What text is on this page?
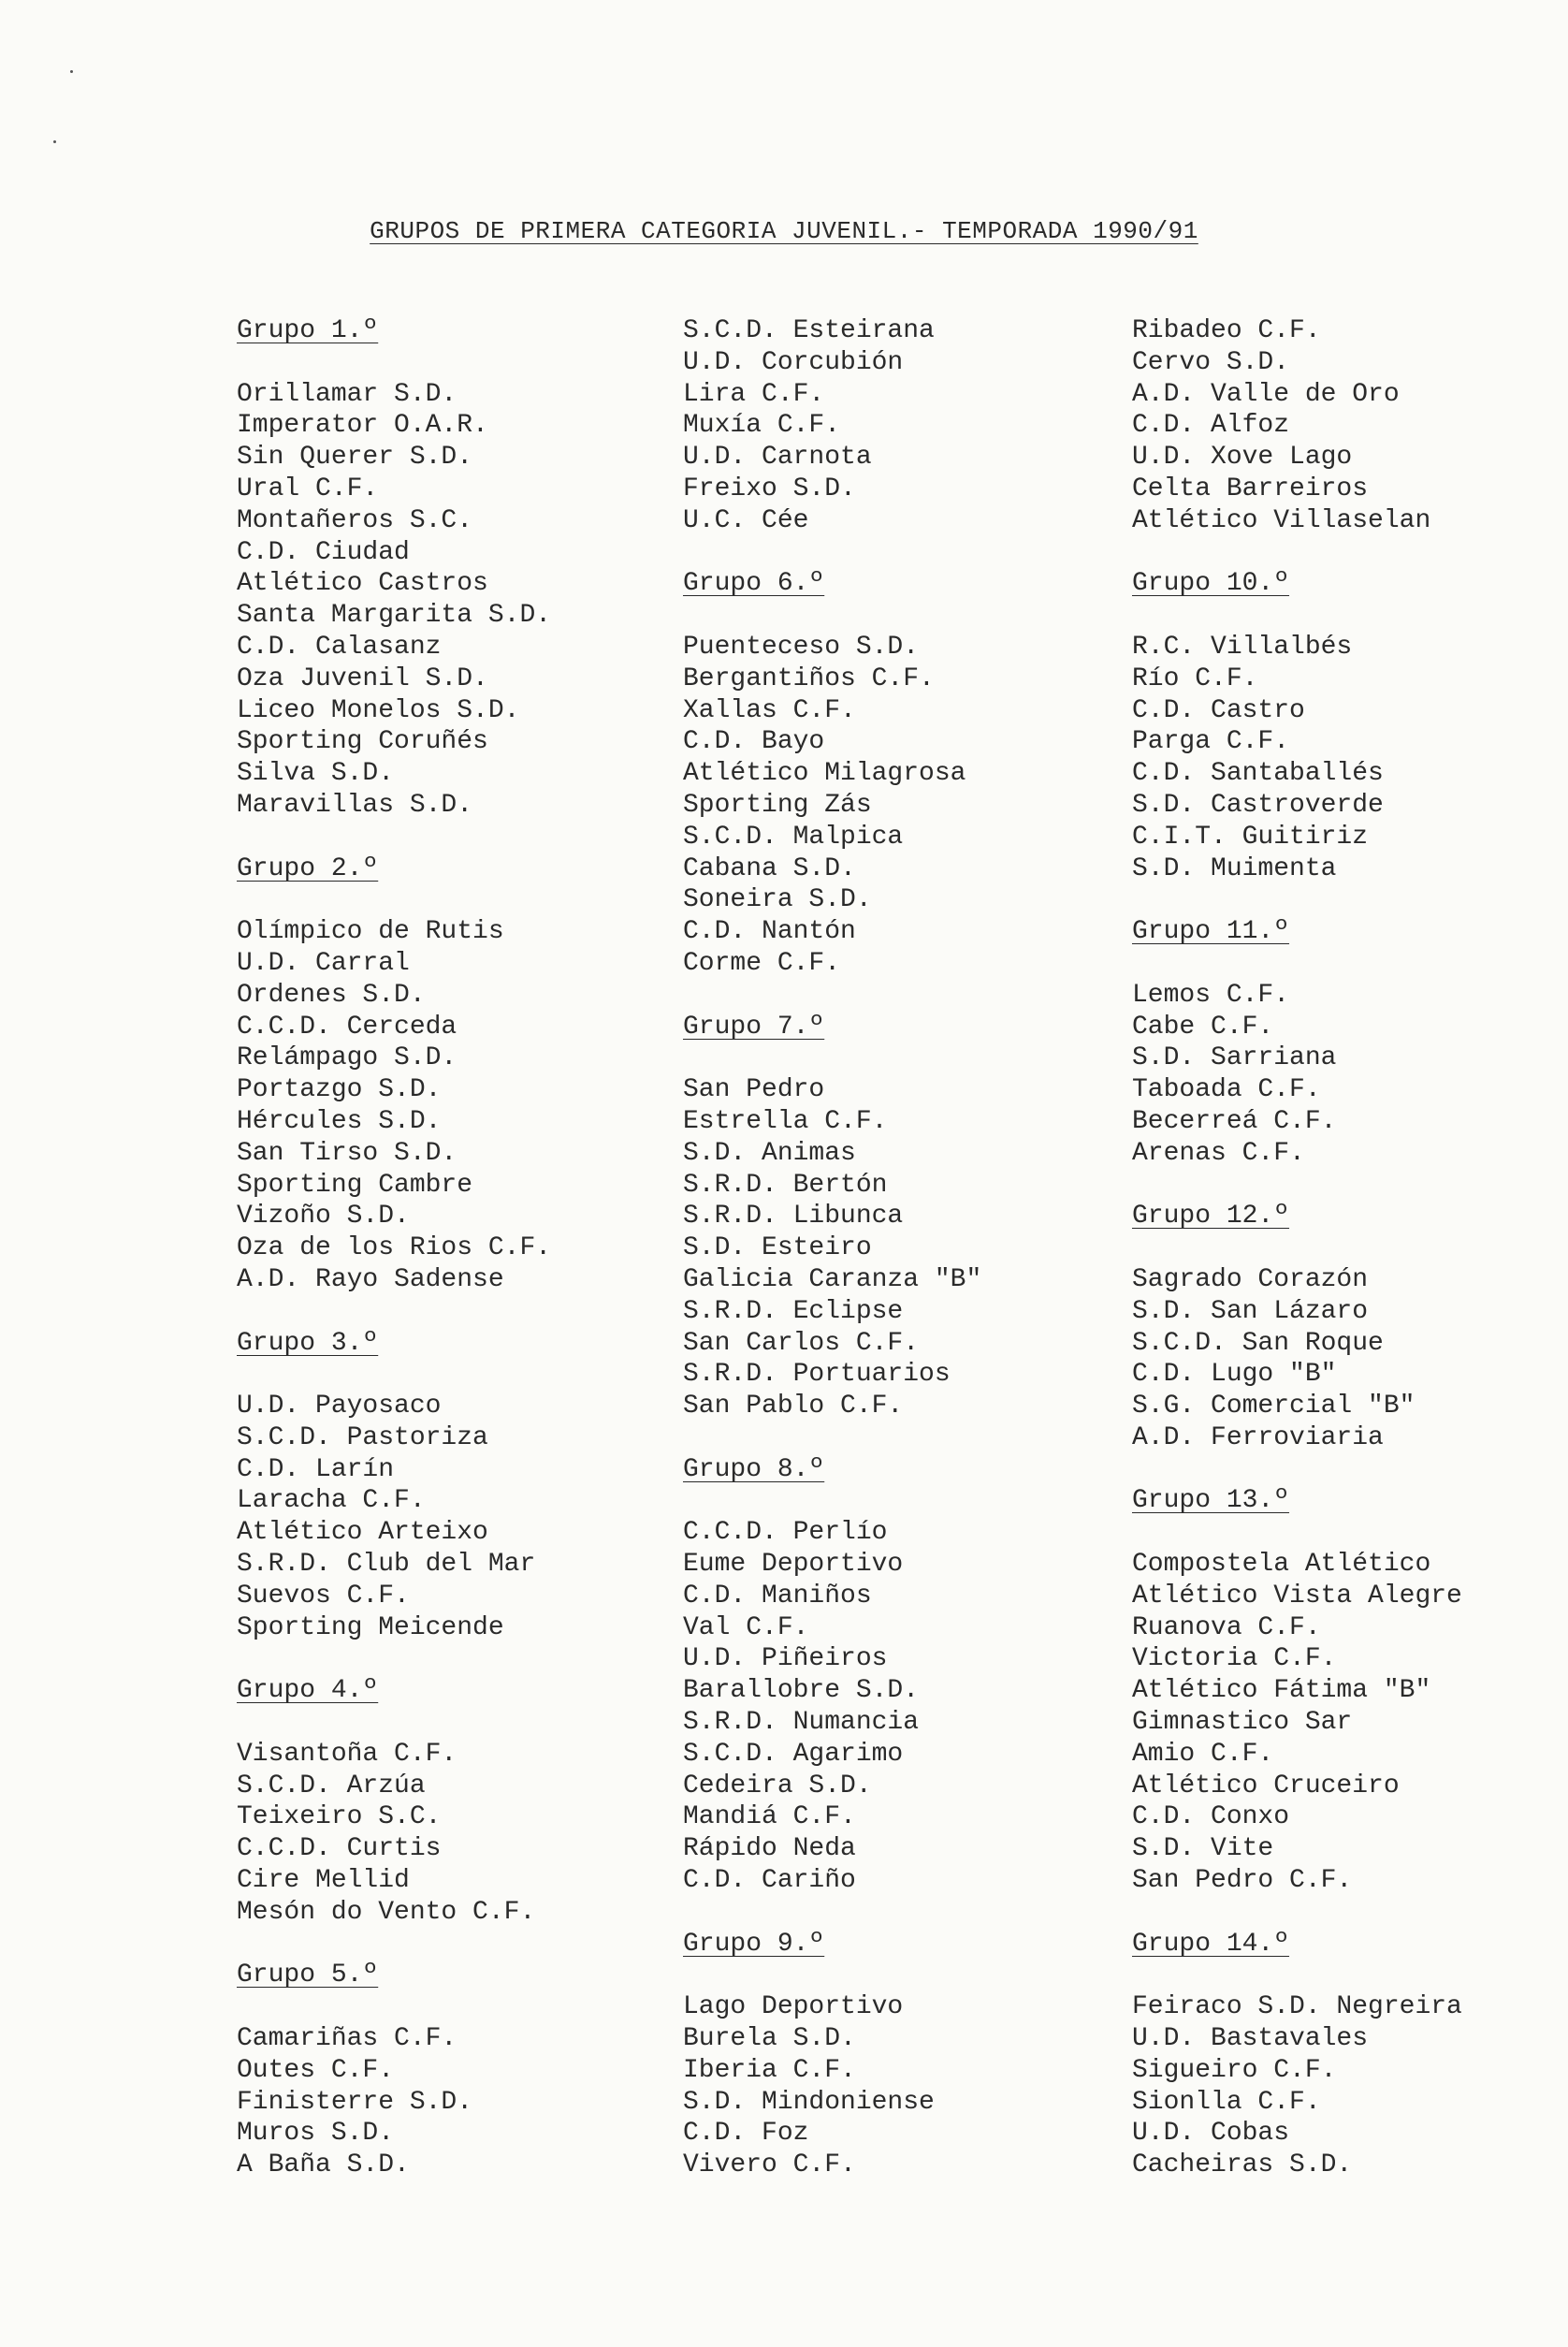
GRUPOS DE PRIMERA CATEGORIA JUVENIL.- TEMPORADA 1990/91
Grupo 1.º
Orillamar S.D.
Imperator O.A.R.
Sin Querer S.D.
Ural C.F.
Montañeros S.C.
C.D. Ciudad
Atlético Castros
Santa Margarita S.D.
C.D. Calasanz
Oza Juvenil S.D.
Liceo Monelos S.D.
Sporting Coruñés
Silva S.D.
Maravillas S.D.
Grupo 2.º
Olímpico de Rutis
U.D. Carral
Ordenes S.D.
C.C.D. Cerceda
Relámpago S.D.
Portazgo S.D.
Hércules S.D.
San Tirso S.D.
Sporting Cambre
Vizoño S.D.
Oza de los Rios C.F.
A.D. Rayo Sadense
Grupo 3.º
U.D. Payosaco
S.C.D. Pastoriza
C.D. Larín
Laracha C.F.
Atlético Arteixo
S.R.D. Club del Mar
Suevos C.F.
Sporting Meicende
Grupo 4.º
Visantoña C.F.
S.C.D. Arzúa
Teixeiro S.C.
C.C.D. Curtis
Cire Mellid
Mesón do Vento C.F.
Grupo 5.º
Camariñas C.F.
Outes C.F.
Finisterre S.D.
Muros S.D.
A Baña S.D.
S.C.D. Esteirana
U.D. Corcubión
Lira C.F.
Muxía C.F.
U.D. Carnota
Freixo S.D.
U.C. Cée
Grupo 6.º
Puenteceso S.D.
Bergantiños C.F.
Xallas C.F.
C.D. Bayo
Atlético Milagrosa
Sporting Zás
S.C.D. Malpica
Cabana S.D.
Soneira S.D.
C.D. Nantón
Corme C.F.
Grupo 7.º
San Pedro
Estrella C.F.
S.D. Animas
S.R.D. Bertón
S.R.D. Libunca
S.D. Esteiro
Galicia Caranza "B"
S.R.D. Eclipse
San Carlos C.F.
S.R.D. Portuarios
San Pablo C.F.
Grupo 8.º
C.C.D. Perlío
Eume Deportivo
C.D. Maniños
Val C.F.
U.D. Piñeiros
Barallobre S.D.
S.R.D. Numancia
S.C.D. Agarimo
Cedeira S.D.
Mandiá C.F.
Rápido Neda
C.D. Cariño
Grupo 9.º
Lago Deportivo
Burela S.D.
Iberia C.F.
S.D. Mindoniense
C.D. Foz
Vivero C.F.
Ribadeo C.F.
Cervo S.D.
A.D. Valle de Oro
C.D. Alfoz
U.D. Xove Lago
Celta Barreiros
Atlético Villaselan
Grupo 10.º
R.C. Villalbés
Río C.F.
C.D. Castro
Parga C.F.
C.D. Santaballés
S.D. Castroverde
C.I.T. Guitiriz
S.D. Muimenta
Grupo 11.º
Lemos C.F.
Cabe C.F.
S.D. Sarriana
Taboada C.F.
Becerreá C.F.
Arenas C.F.
Grupo 12.º
Sagrado Corazón
S.D. San Lázaro
S.C.D. San Roque
C.D. Lugo "B"
S.G. Comercial "B"
A.D. Ferroviaria
Grupo 13.º
Compostela Atlético
Atlético Vista Alegre
Ruanova C.F.
Victoria C.F.
Atlético Fátima "B"
Gimnastico Sar
Amio C.F.
Atlético Cruceiro
C.D. Conxo
S.D. Vite
San Pedro C.F.
Grupo 14.º
Feiraco S.D. Negreira
U.D. Bastavales
Sigueiro C.F.
Sionlla C.F.
U.D. Cobas
Cacheiras S.D.
